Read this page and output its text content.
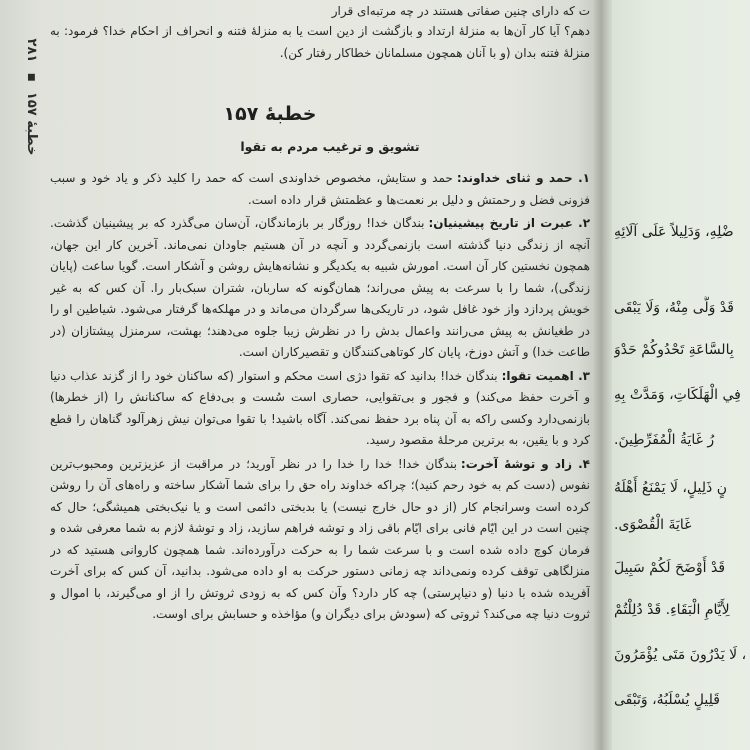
خطبهٔ ۱۵۷ ■ ۲۸۱
ت که دارای چنین صفاتی هستند در چه مرتبه‌ای قرار

دهم؟ آیا کار آن‌ها به منزلهٔ ارتداد و بازگشت از دین است یا به منزلهٔ فتنه و انحراف از احکام خدا؟ فرمود: به منزلهٔ فتنه بدان (و با آنان همچون مسلمانان خطاکار رفتار کن).

خطبهٔ ۱۵۷
تشویق و ترغیب مردم به تقوا

۱. حمد و ثنای خداوند:حمد و ستایش، مخصوص خداوندی است که حمد را کلید ذکر و یاد خود و سبب فزونی فضل و رحمتش و دلیل بر نعمت‌ها و عظمتش قرار داده است.

۲. عبرت از تاریخ پیشینیان:بندگان خدا! روزگار بر بازماندگان، آن‌سان می‌گذرد که بر پیشینیان گذشت. آنچه از زندگی دنیا گذشته است بازنمی‌گردد و آنچه در آن هستیم جاودان نمی‌ماند. آخرین کار این جهان، همچون نخستین کار آن است. امورش شبیه به یکدیگر و نشانه‌هایش روشن و آشکار است. گویا ساعت (پایان زندگی)، شما را با سرعت به پیش می‌راند؛ همان‌گونه که ساربان، شتران سبک‌بار را. آن کس که به غیر خویش پردازد واز خود غافل شود، در تاریکی‌ها سرگردان می‌ماند و در مهلکه‌ها گرفتار می‌شود. شیاطین او را در طغیانش به پیش می‌رانند واعمال بدش را در نظرش زیبا جلوه می‌دهند؛ بهشت، سرمنزل پیشتازان (در طاعت خدا) و آتش دوزخ، پایان کار کوتاهی‌کنندگان و تقصیرکاران است.

۳. اهمیت تقوا:بندگان خدا! بدانید که تقوا دژی است محکم و استوار (که ساکنان خود را از گزند عذاب دنیا و آخرت حفظ می‌کند) و فجور و بی‌تقوایی، حصاری است سُست و بی‌دفاع که ساکنانش را (از خطرها) بازنمی‌دارد وکسی راکه به آن پناه برد حفظ نمی‌کند. آگاه باشید! با تقوا می‌توان نیش زهرآلود گناهان را قطع کرد و با یقین، به برترین مرحلهٔ مقصود رسید.

۴. زاد و توشهٔ آخرت:بندگان خدا! خدا را خدا را در نظر آورید؛ در مراقبت از عزیزترین ومحبوب‌ترین نفوس (دست کم به خود رحم کنید)؛ چراکه خداوند راه حق را برای شما آشکار ساخته و راه‌های آن را روشن کرده است وسرانجام کار (از دو حال خارج نیست) یا بدبختی دائمی است و یا نیک‌بختی همیشگی؛ حال که چنین است در این ایّام فانی برای ایّام باقی زاد و توشه فراهم سازید، زاد و توشهٔ لازم به شما معرفی شده و فرمان کوچ داده شده است و با سرعت شما را به حرکت درآورده‌اند. شما همچون کاروانی هستید که در منزلگاهی توقف کرده ونمی‌داند چه زمانی دستور حرکت به او داده می‌شود. بدانید، آن کس که برای آخرت آفریده شده با دنیا (و دنیاپرستی) چه کار دارد؟ وآن کس که به زودی ثروتش را از او می‌گیرند، با اموال و ثروت دنیا چه می‌کند؟ ثروتی که (سودش برای دیگران و) مؤاخذه و حسابش برای اوست.

ضْلِهِ، وَدَلِيلاً عَلَى آلَائِهِ
قَدْ وَلَّى مِنْهُ، وَلَا يَبْقَى
بِالسَّاعَةِ تَحْدُوكُمْ حَدْوَ
فِي الْهَلَكَاتِ، وَمَدَّتْ بِهِ
رُ غَايَةُ الْمُفَرِّطِينَ.
نٍ ذَلِيلٍ، لَا يَمْنَعُ أَهْلَهُ
غَايَةَ الْقُصْوَى.
قَدْ أَوْضَحَ لَكُمْ سَبِيلَ
لِأَيَّامِ الْبَقَاءِ. قَدْ دُلِلْتُمْ
، لَا يَدْرُونَ مَتَى يُؤْمَرُونَ
قَلِيلٍ يُسْلَبُهُ، وَتَبْقَى
